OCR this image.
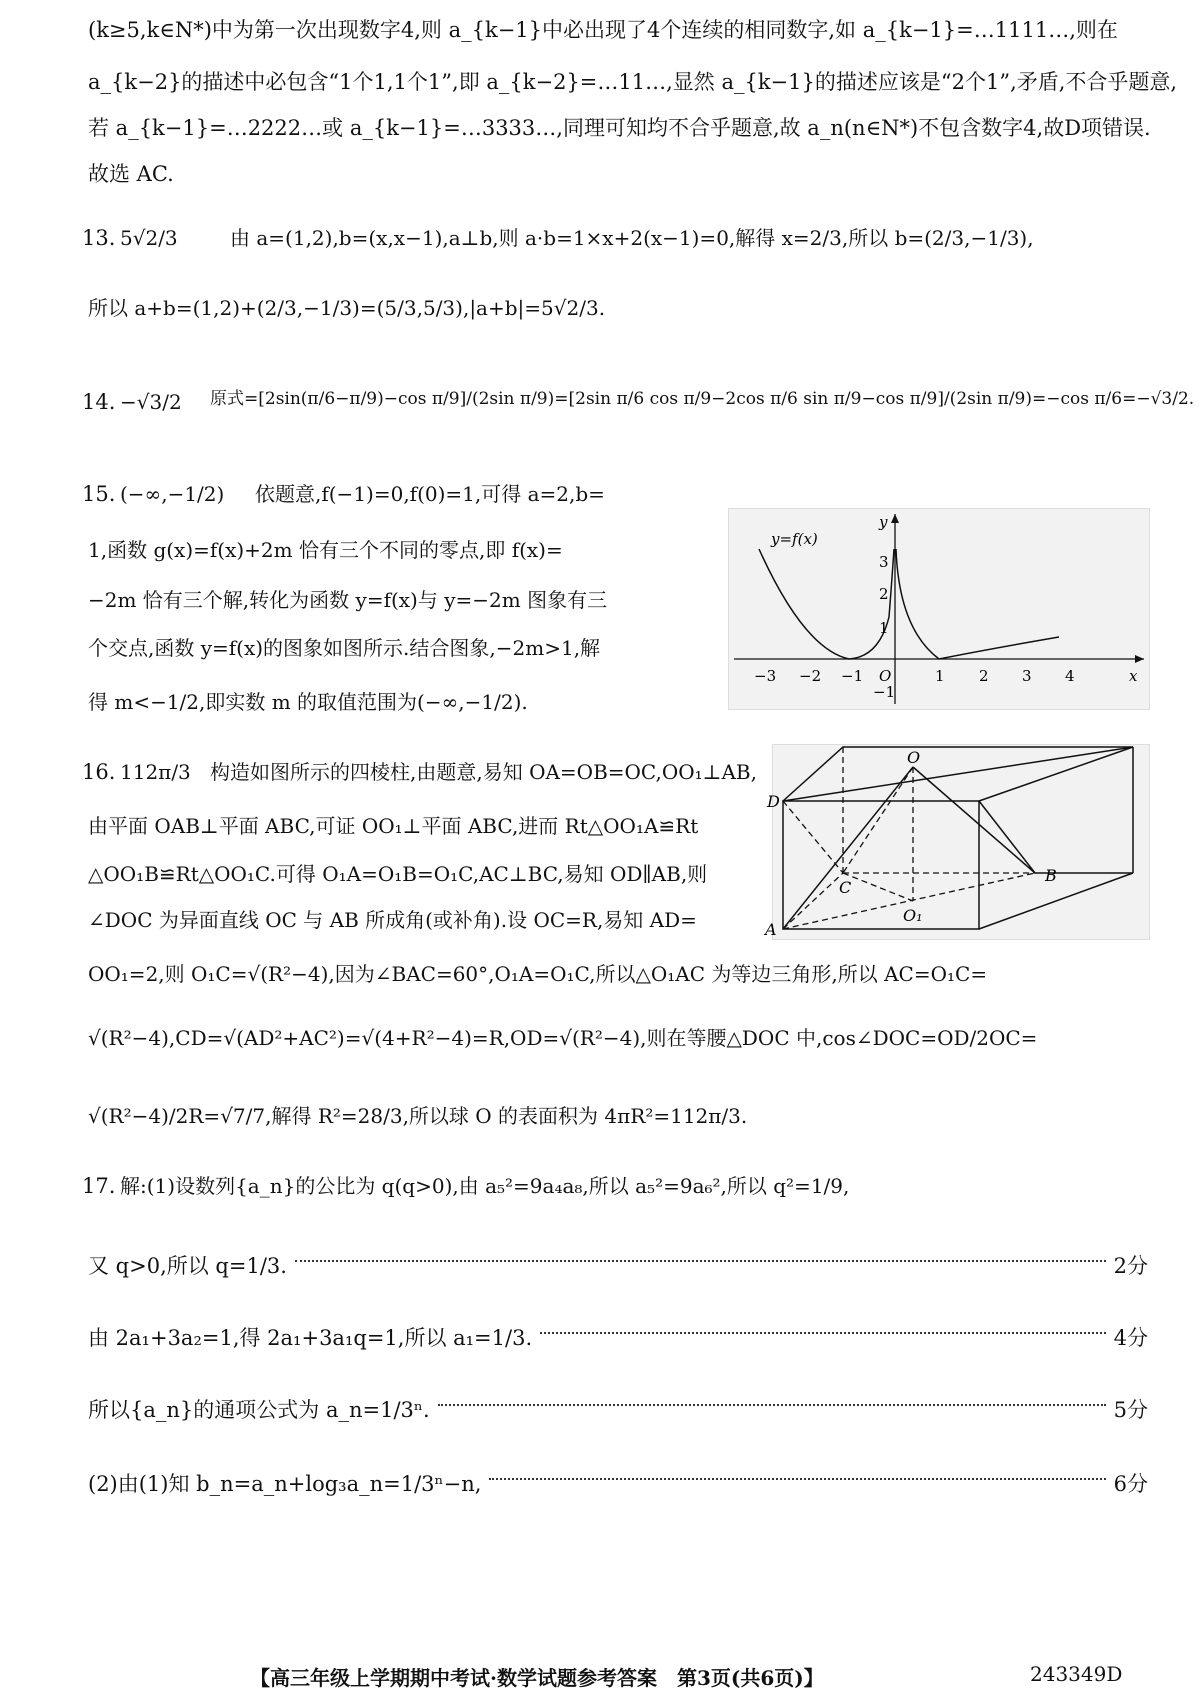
(k≥5,k∈N*)中为第一次出现数字4,则 a_{k−1}中必出现了4个连续的相同数字,如 a_{k−1}=…1111…,则在
a_{k−2}的描述中必包含“1个1,1个1”,即 a_{k−2}=…11…,显然 a_{k−1}的描述应该是“2个1”,矛盾,不合乎题意,
若 a_{k−1}=…2222…或 a_{k−1}=…3333…,同理可知均不合乎题意,故 a_n(n∈N*)不包含数字4,故D项错误.
故选 AC.
13. 5√2/3	由 a=(1,2),b=(x,x−1),a⊥b,则 a·b=1×x+2(x−1)=0,解得 x=2/3,所以 b=(2/3,−1/3),
所以 a+b=(1,2)+(2/3,−1/3)=(5/3,5/3),|a+b|=5√2/3.
14. −√3/2 原式=[2sin(π/6−π/9)−cos π/9]/(2sin π/9)=[2sin π/6 cos π/9−2cos π/6 sin π/9−cos π/9]/(2sin π/9)=−cos π/6=−√3/2.
15. (−∞,−1/2) 依题意,f(−1)=0,f(0)=1,可得 a=2,b=
1,函数 g(x)=f(x)+2m 恰有三个不同的零点,即 f(x)=
−2m 恰有三个解,转化为函数 y=f(x)与 y=−2m 图象有三
个交点,函数 y=f(x)的图象如图所示.结合图象,−2m>1,解
得 m<−1/2,即实数 m 的取值范围为(−∞,−1/2).
y=f(x)
y
x
O
−3 −2 −1	1 2 3 4
3
2
1
−1
16. 112π/3 构造如图所示的四棱柱,由题意,易知 OA=OB=OC,OO₁⊥AB,
由平面 OAB⊥平面 ABC,可证 OO₁⊥平面 ABC,进而 Rt△OO₁A≌Rt
△OO₁B≌Rt△OO₁C.可得 O₁A=O₁B=O₁C,AC⊥BC,易知 OD∥AB,则
∠DOC 为异面直线 OC 与 AB 所成角(或补角).设 OC=R,易知 AD=
OO₁=2,则 O₁C=√(R²−4),因为∠BAC=60°,O₁A=O₁C,所以△O₁AC 为等边三角形,所以 AC=O₁C=
√(R²−4),CD=√(AD²+AC²)=√(4+R²−4)=R,OD=√(R²−4),则在等腰△DOC 中,cos∠DOC=OD/2OC=
√(R²−4)/2R=√7/7,解得 R²=28/3,所以球 O 的表面积为 4πR²=112π/3.
O
D
C
B
O₁
A
17. 解:(1)设数列{a_n}的公比为 q(q>0),由 a₅²=9a₄a₈,所以 a₅²=9a₆²,所以 q²=1/9,
又 q>0,所以 q=1/3.	2分
由 2a₁+3a₂=1,得 2a₁+3a₁q=1,所以 a₁=1/3.	4分
所以{a_n}的通项公式为 a_n=1/3ⁿ.	5分
(2)由(1)知 b_n=a_n+log₃a_n=1/3ⁿ−n,	6分
【高三年级上学期期中考试·数学试题参考答案　第3页(共6页)】	243349D
